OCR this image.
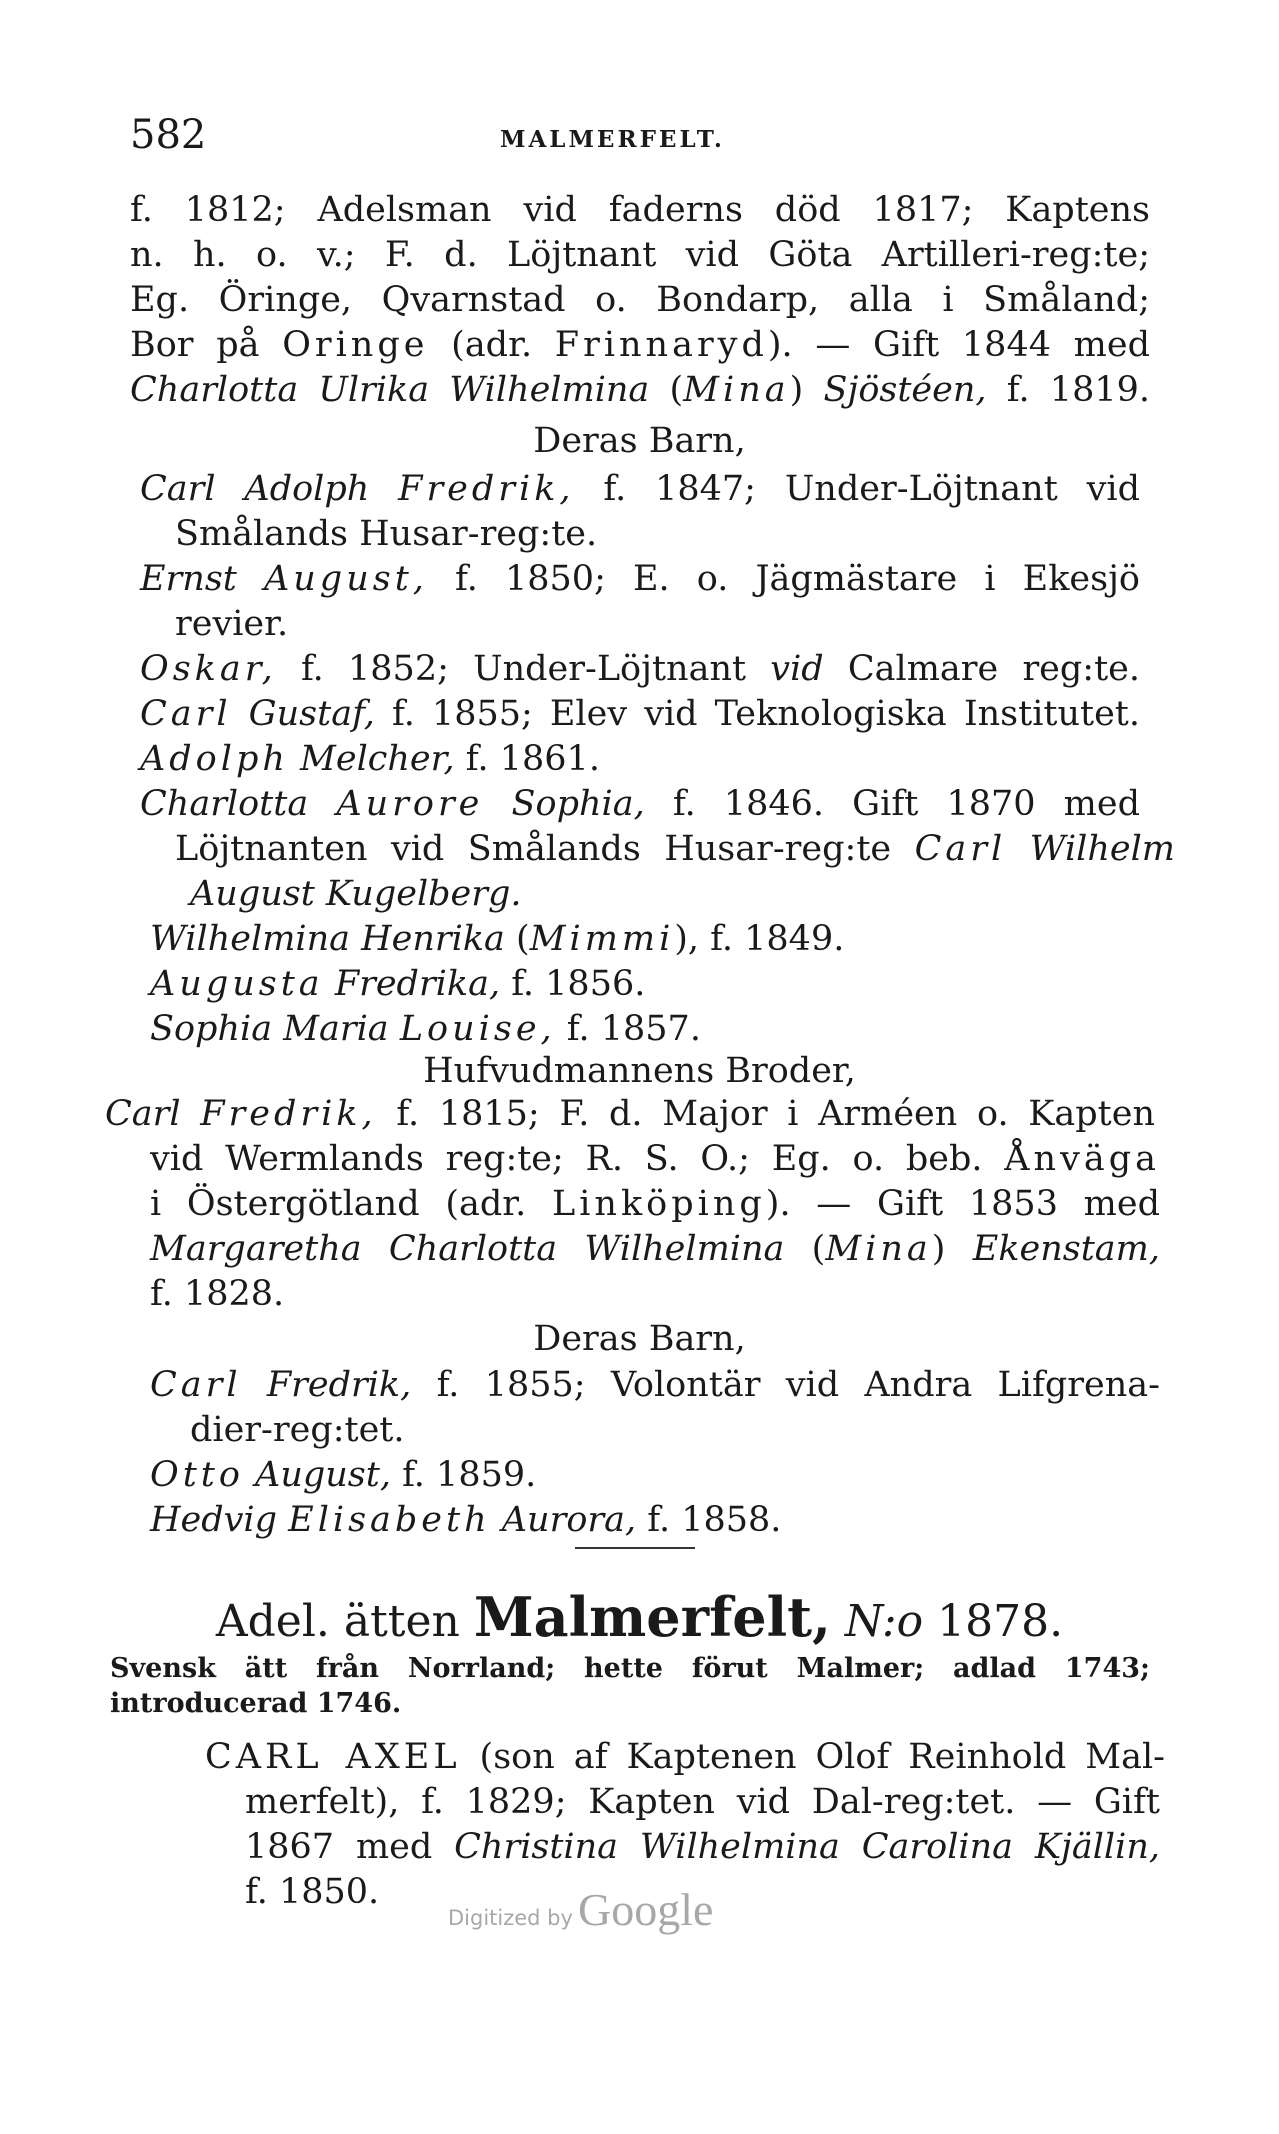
582	MALMERFELT.
f. 1812; Adelsman vid faderns död 1817; Kaptens
n. h. o. v.; F. d. Löjtnant vid Göta Artilleri-reg:te;
Eg. Öringe, Qvarnstad o. Bondarp, alla i Småland;
Bor på Oringe (adr. Frinnaryd). — Gift 1844 med
Charlotta Ulrika Wilhelmina (Mina) Sjöstéen, f. 1819.
Deras Barn,
Carl Adolph Fredrik, f. 1847; Under-Löjtnant vid
Smålands Husar-reg:te.
Ernst August, f. 1850; E. o. Jägmästare i Ekesjö
revier.
Oskar, f. 1852; Under-Löjtnant vid Calmare reg:te.
Carl Gustaf, f. 1855; Elev vid Teknologiska Institutet.
Adolph Melcher, f. 1861.
Charlotta Aurore Sophia, f. 1846. Gift 1870 med
Löjtnanten vid Smålands Husar-reg:te Carl Wilhelm
August Kugelberg.
Wilhelmina Henrika (Mimmi), f. 1849.
Augusta Fredrika, f. 1856.
Sophia Maria Louise, f. 1857.
Hufvudmannens Broder,
Carl Fredrik, f. 1815; F. d. Major i Arméen o. Kapten
vid Wermlands reg:te; R. S. O.; Eg. o. beb. Ånvägа
i Östergötland (adr. Linköping). — Gift 1853 med
Margaretha Charlotta Wilhelmina (Mina) Ekenstam,
f. 1828.
Deras Barn,
Carl Fredrik, f. 1855; Volontär vid Andra Lifgrena-
dier-reg:tet.
Otto August, f. 1859.
Hedvig Elisabeth Aurora, f. 1858.
Adel. ätten Malmerfelt, N:o 1878.
Svensk ätt från Norrland; hette förut Malmer; adlad 1743;
introducerad 1746.
CARL AXEL (son af Kaptenen Olof Reinhold Mal-
merfelt), f. 1829; Kapten vid Dal-reg:tet. — Gift
1867 med Christina Wilhelmina Carolina Kjällin,
f. 1850.
Digitized by Google
